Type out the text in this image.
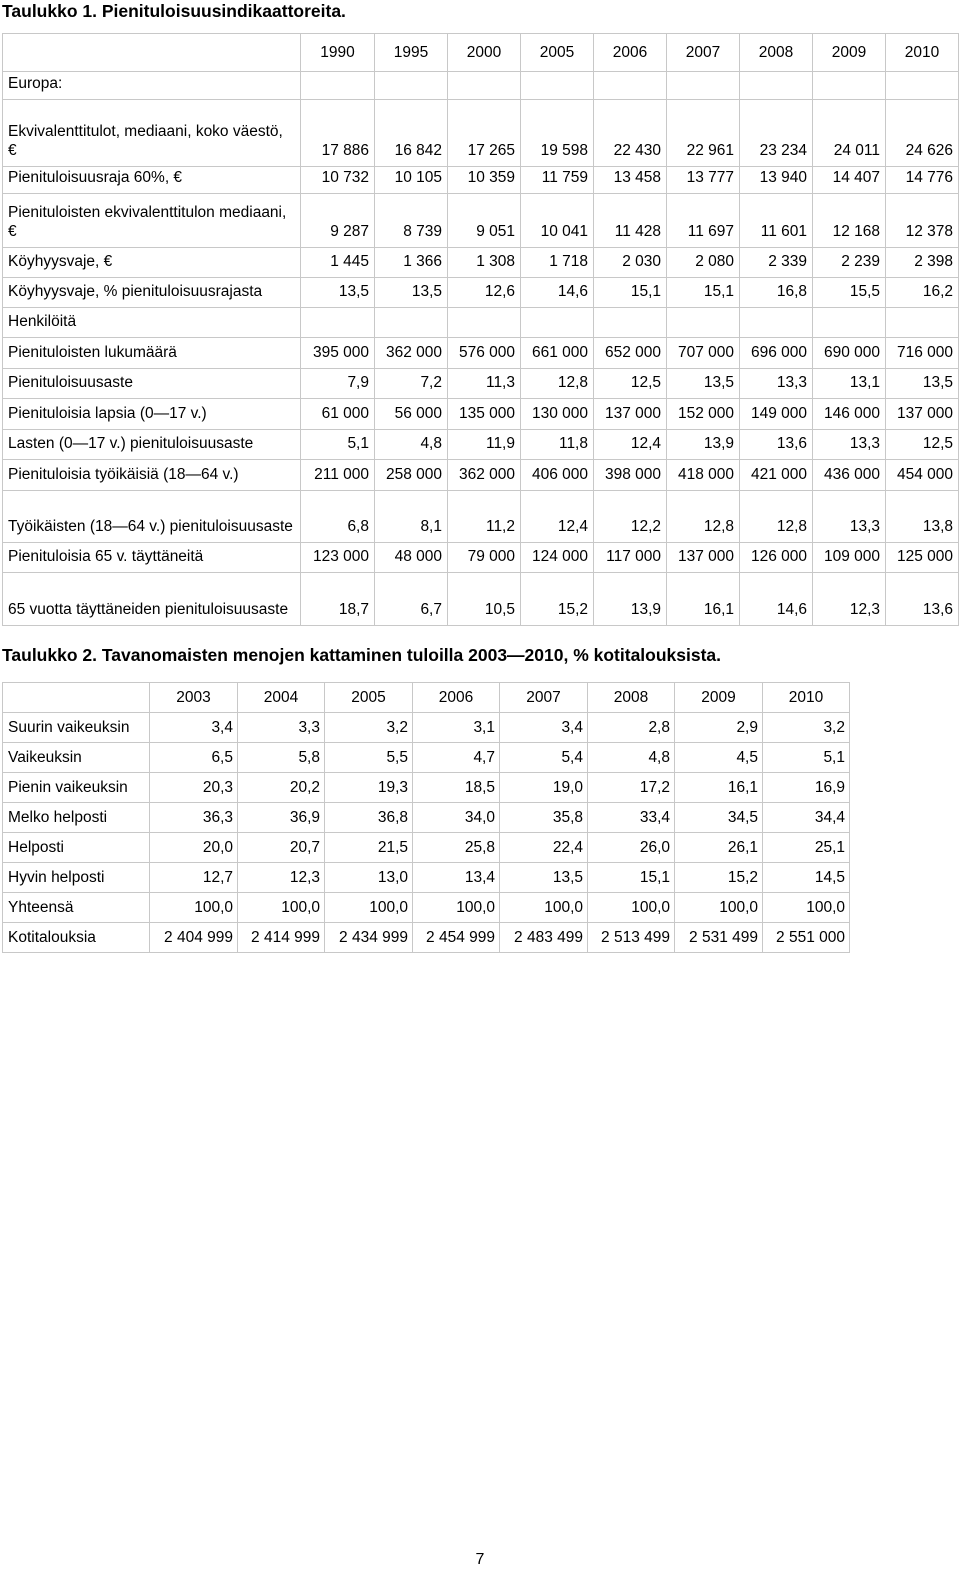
Taulukko 1. Pienituloisuusindikaattoreita.
	1990	1995	2000	2005	2006	2007	2008	2009	2010
Europa:									
Ekvivalenttitulot, mediaani, koko väestö, €	17 886	16 842	17 265	19 598	22 430	22 961	23 234	24 011	24 626
Pienituloisuusraja 60%, €	10 732	10 105	10 359	11 759	13 458	13 777	13 940	14 407	14 776
Pienituloisten ekvivalenttitulon mediaani, €	9 287	8 739	9 051	10 041	11 428	11 697	11 601	12 168	12 378
Köyhyysvaje, €	1 445	1 366	1 308	1 718	2 030	2 080	2 339	2 239	2 398
Köyhyysvaje, % pienituloisuusrajasta	13,5	13,5	12,6	14,6	15,1	15,1	16,8	15,5	16,2
Henkilöitä									
Pienituloisten lukumäärä	395 000	362 000	576 000	661 000	652 000	707 000	696 000	690 000	716 000
Pienituloisuusaste	7,9	7,2	11,3	12,8	12,5	13,5	13,3	13,1	13,5
Pienituloisia lapsia (0—17 v.)	61 000	56 000	135 000	130 000	137 000	152 000	149 000	146 000	137 000
Lasten (0—17 v.) pienituloisuusaste	5,1	4,8	11,9	11,8	12,4	13,9	13,6	13,3	12,5
Pienituloisia työikäisiä (18—64 v.)	211 000	258 000	362 000	406 000	398 000	418 000	421 000	436 000	454 000
Työikäisten (18—64 v.) pienituloisuusaste	6,8	8,1	11,2	12,4	12,2	12,8	12,8	13,3	13,8
Pienituloisia 65 v. täyttäneitä	123 000	48 000	79 000	124 000	117 000	137 000	126 000	109 000	125 000
65 vuotta täyttäneiden pienituloisuusaste	18,7	6,7	10,5	15,2	13,9	16,1	14,6	12,3	13,6
Taulukko 2. Tavanomaisten menojen kattaminen tuloilla 2003—2010, % kotitalouksista.
	2003	2004	2005	2006	2007	2008	2009	2010
Suurin vaikeuksin	3,4	3,3	3,2	3,1	3,4	2,8	2,9	3,2
Vaikeuksin	6,5	5,8	5,5	4,7	5,4	4,8	4,5	5,1
Pienin vaikeuksin	20,3	20,2	19,3	18,5	19,0	17,2	16,1	16,9
Melko helposti	36,3	36,9	36,8	34,0	35,8	33,4	34,5	34,4
Helposti	20,0	20,7	21,5	25,8	22,4	26,0	26,1	25,1
Hyvin helposti	12,7	12,3	13,0	13,4	13,5	15,1	15,2	14,5
Yhteensä	100,0	100,0	100,0	100,0	100,0	100,0	100,0	100,0
Kotitalouksia	2 404 999	2 414 999	2 434 999	2 454 999	2 483 499	2 513 499	2 531 499	2 551 000
7
